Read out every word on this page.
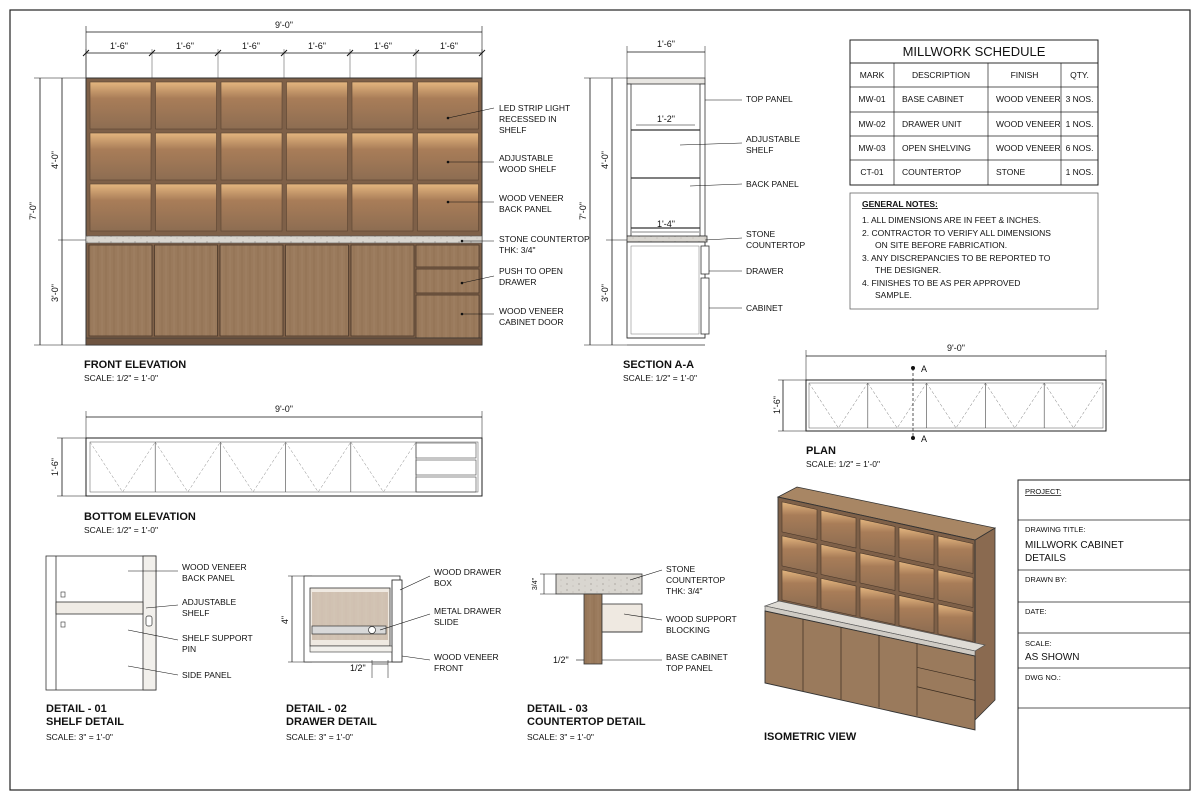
9'-0"
1'-6"	1'-6"	1'-6"	1'-6"	1'-6"	1'-6"
7'-0"
4'-0"
3'-0"
LED STRIP LIGHT
RECESSED IN
SHELF
ADJUSTABLE
WOOD SHELF
WOOD VENEER
BACK PANEL
STONE COUNTERTOP
THK: 3/4"
PUSH TO OPEN
DRAWER
WOOD VENEER
CABINET DOOR
FRONT ELEVATION
SCALE: 1/2" = 1'-0"
1'-6"
7'-0"
4'-0"
3'-0"
1'-2"
1'-4"
TOP PANEL
ADJUSTABLE
SHELF
BACK PANEL
STONE
COUNTERTOP
DRAWER
CABINET
SECTION A-A
SCALE: 1/2" = 1'-0"
MILLWORK SCHEDULE
MARK	DESCRIPTION	FINISH	QTY.
MW-01 BASE CABINET	WOOD VENEER 3 NOS.
MW-02 DRAWER UNIT	WOOD VENEER 1 NOS.
MW-03 OPEN SHELVING	WOOD VENEER 6 NOS.
CT-01 COUNTERTOP	STONE	1 NOS.
GENERAL NOTES:
1. ALL DIMENSIONS ARE IN FEET & INCHES.
2. CONTRACTOR TO VERIFY ALL DIMENSIONS
ON SITE BEFORE FABRICATION.
3. ANY DISCREPANCIES TO BE REPORTED TO
THE DESIGNER.
4. FINISHES TO BE AS PER APPROVED
SAMPLE.
9'-0"
1'-6"
A
A
PLAN
SCALE: 1/2" = 1'-0"
9'-0"
1'-6"
BOTTOM ELEVATION
SCALE: 1/2" = 1'-0"
WOOD VENEER
BACK PANEL
ADJUSTABLE
SHELF
SHELF SUPPORT
PIN
SIDE PANEL
DETAIL - 01
SHELF DETAIL
SCALE: 3" = 1'-0"
4"
1/2"
WOOD DRAWER
BOX
METAL DRAWER
SLIDE
WOOD VENEER
FRONT
DETAIL - 02
DRAWER DETAIL
SCALE: 3" = 1'-0"
3/4"
1/2"
STONE
COUNTERTOP
THK: 3/4"
WOOD SUPPORT
BLOCKING
BASE CABINET
TOP PANEL
DETAIL - 03
COUNTERTOP DETAIL
SCALE: 3" = 1'-0"	ISOMETRIC VIEW
PROJECT:
DRAWING TITLE:
MILLWORK CABINET
DETAILS
DRAWN BY:
DATE:
SCALE:
AS SHOWN
DWG NO.:
